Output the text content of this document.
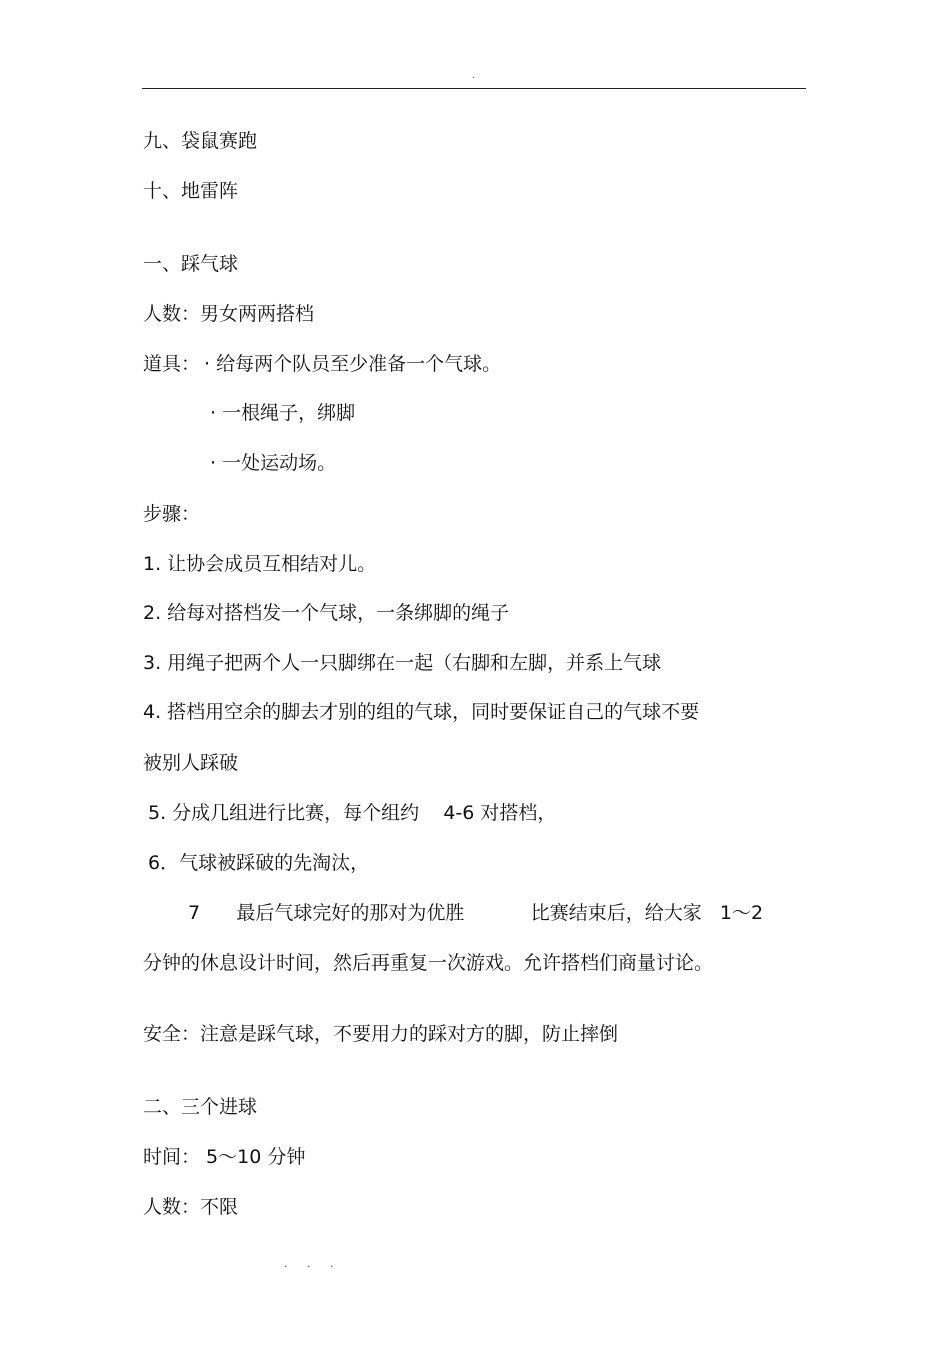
.
九、袋鼠赛跑
十、地雷阵
一、踩气球
人数：男女两两搭档
道具： · 给每两个队员至少准备一个气球。
· 一根绳子，绑脚
· 一处运动场。
步骤：
1. 让协会成员互相结对儿。
2. 给每对搭档发一个气球，一条绑脚的绳子
3. 用绳子把两个人一只脚绑在一起（右脚和左脚，并系上气球
4. 搭档用空余的脚去才别的组的气球，同时要保证自己的气球不要
被别人踩破
5. 分成几组进行比赛，每个组约    4-6 对搭档，
6．气球被踩破的先淘汰，
7      最后气球完好的那对为优胜           比赛结束后，给大家   1～2
分钟的休息设计时间，然后再重复一次游戏。允许搭档们商量讨论。
安全：注意是踩气球，不要用力的踩对方的脚，防止摔倒
二、三个进球
时间： 5～10 分钟
人数：不限
. . .
